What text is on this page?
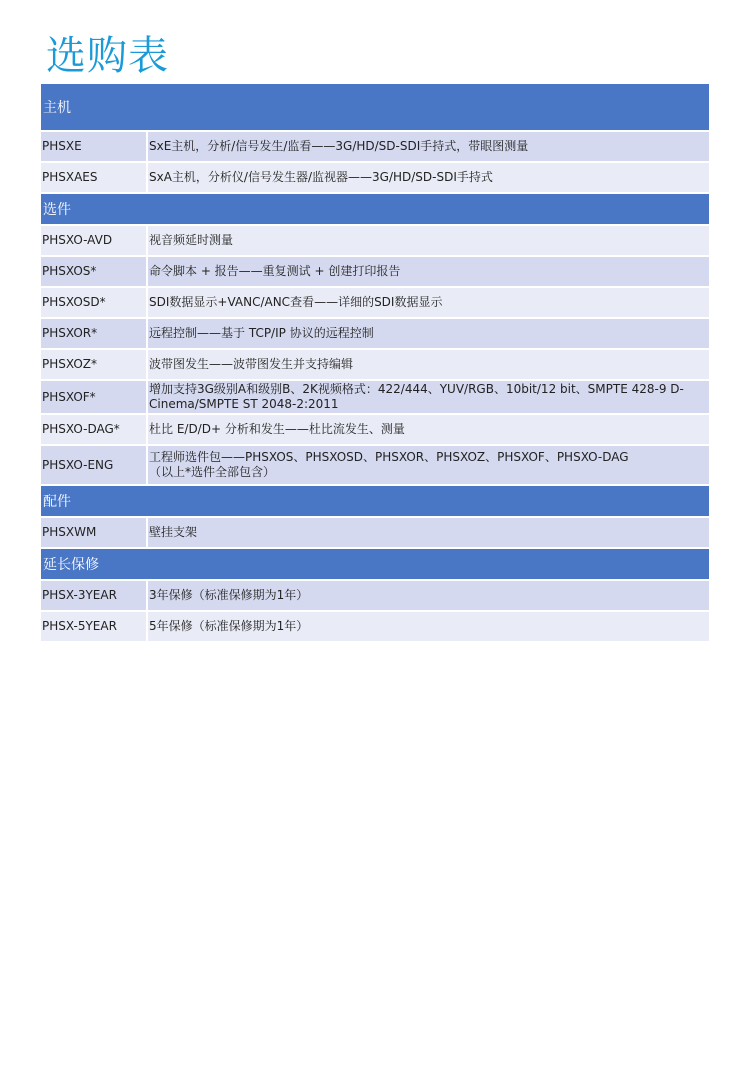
选购表
主机	
PHSXE	SxE主机，分析/信号发生/监看——3G/HD/SD-SDI手持式，带眼图测量

PHSXAES	SxA主机，分析仪/信号发生器/监视器——3G/HD/SD-SDI手持式

选件	
PHSXO-AVD	视音频延时测量

PHSXOS*	命令脚本 + 报告——重复测试 + 创建打印报告

PHSXOSD*	SDI数据显示+VANC/ANC查看——详细的SDI数据显示

PHSXOR*	远程控制——基于 TCP/IP 协议的远程控制

PHSXOZ*	波带图发生——波带图发生并支持编辑

PHSXOF*	增加支持3G级别A和级别B、2K视频格式：422/444、YUV/RGB、10bit/12 bit、SMPTE 428-9 D-
Cinema/SMPTE ST 2048-2:2011

PHSXO-DAG*	杜比 E/D/D+ 分析和发生——杜比流发生、测量

PHSXO-ENG	工程师选件包——PHSXOS、PHSXOSD、PHSXOR、PHSXOZ、PHSXOF、PHSXO-DAG
（以上*选件全部包含）

配件	
PHSXWM	壁挂支架

延长保修	
PHSX-3YEAR	3年保修（标准保修期为1年）

PHSX-5YEAR	5年保修（标准保修期为1年）
